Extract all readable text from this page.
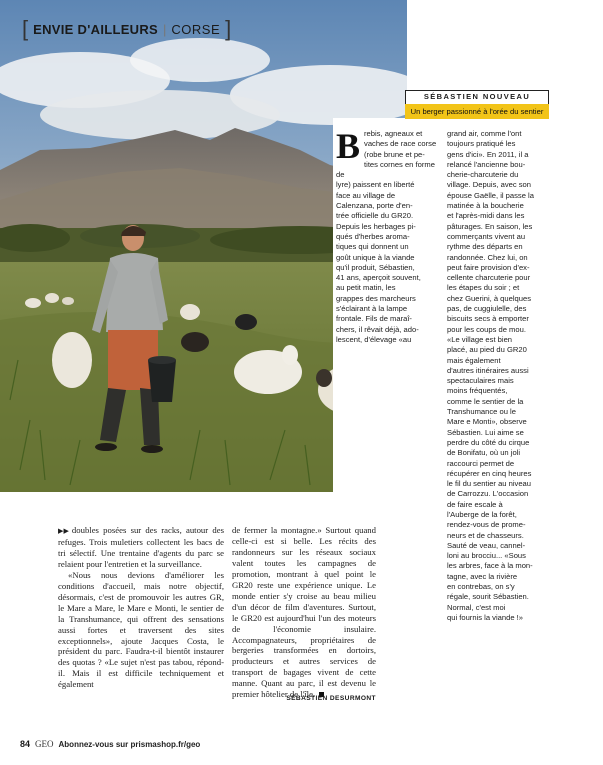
[ ENVIE D'AILLEURS | CORSE ]
SÉBASTIEN NOUVEAU
Un berger passionné à l'orée du sentier
B rebis, agneaux et
vaches de race corse
(robe brune et pe-
tites cornes en forme de
lyre) paissent en liberté
face au village de
Calenzana, porte d'en-
trée officielle du GR20.
Depuis les herbages pi-
qués d'herbes aroma-
tiques qui donnent un
goût unique à la viande
qu'il produit, Sébastien,
41 ans, aperçoit souvent,
au petit matin, les
grappes des marcheurs
s'éclairant à la lampe
frontale. Fils de maraî-
chers, il rêvait déjà, ado-
lescent, d'élevage «au
grand air, comme l'ont
toujours pratiqué les
gens d'ici». En 2011, il a
relancé l'ancienne bou-
cherie-charcuterie du
village. Depuis, avec son
épouse Gaëlle, il passe la
matinée à la boucherie
et l'après-midi dans les
pâturages. En saison, les
commerçants vivent au
rythme des départs en
randonnée. Chez lui, on
peut faire provision d'ex-
cellente charcuterie pour
les étapes du soir ; et
chez Guerini, à quelques
pas, de cuggiulelle, des
biscuits secs à emporter
pour les coups de mou.
«Le village est bien
placé, au pied du GR20
mais également
d'autres itinéraires aussi
spectaculaires mais
moins fréquentés,
comme le sentier de la
Transhumance ou le
Mare e Monti», observe
Sébastien. Lui aime se
perdre du côté du cirque
de Bonifatu, où un joli
raccourci permet de
récupérer en cinq heures
le fil du sentier au niveau
de Carrozzu. L'occasion
de faire escale à
l'Auberge de la forêt,
rendez-vous de prome-
neurs et de chasseurs.
Sauté de veau, cannel-
loni au brocciu... «Sous
les arbres, face à la mon-
tagne, avec la rivière
en contrebas, on s'y
régale, sourit Sébastien.
Normal, c'est moi
qui fournis la viande !»

▶▶ doubles posées sur des racks, autour des refuges. Trois muletiers collectent les bacs de tri sélectif. Une trentaine d'agents du parc se relaient pour l'entretien et la surveillance.

«Nous nous devions d'améliorer les conditions d'accueil, mais notre objectif, désormais, c'est de promouvoir les autres GR, le Mare a Mare, le Mare e Monti, le sentier de la Transhumance, qui offrent des sensations aussi fortes et traversent des sites exceptionnels», ajoute Jacques Costa, le président du parc. Faudra-t-il bientôt instaurer des quotas ? «Le sujet n'est pas tabou, répond-il. Mais il est difficile techniquement et également

de fermer la montagne.» Surtout quand celle-ci est si belle. Les récits des randonneurs sur les réseaux sociaux valent toutes les campagnes de promotion, montrant à quel point le GR20 reste une expérience unique. Le monde entier s'y croise au beau milieu d'un décor de film d'aventures. Surtout, le GR20 est aujourd'hui l'un des moteurs de l'économie insulaire. Accompagnateurs, propriétaires de bergeries transformées en dortoirs, producteurs et autres services de transport de bagages vivent de cette manne. Quant au parc, il est devenu le premier hôtelier de l'île.

SÉBASTIEN DESURMONT
84 GEO Abonnez-vous sur prismashop.fr/geo
